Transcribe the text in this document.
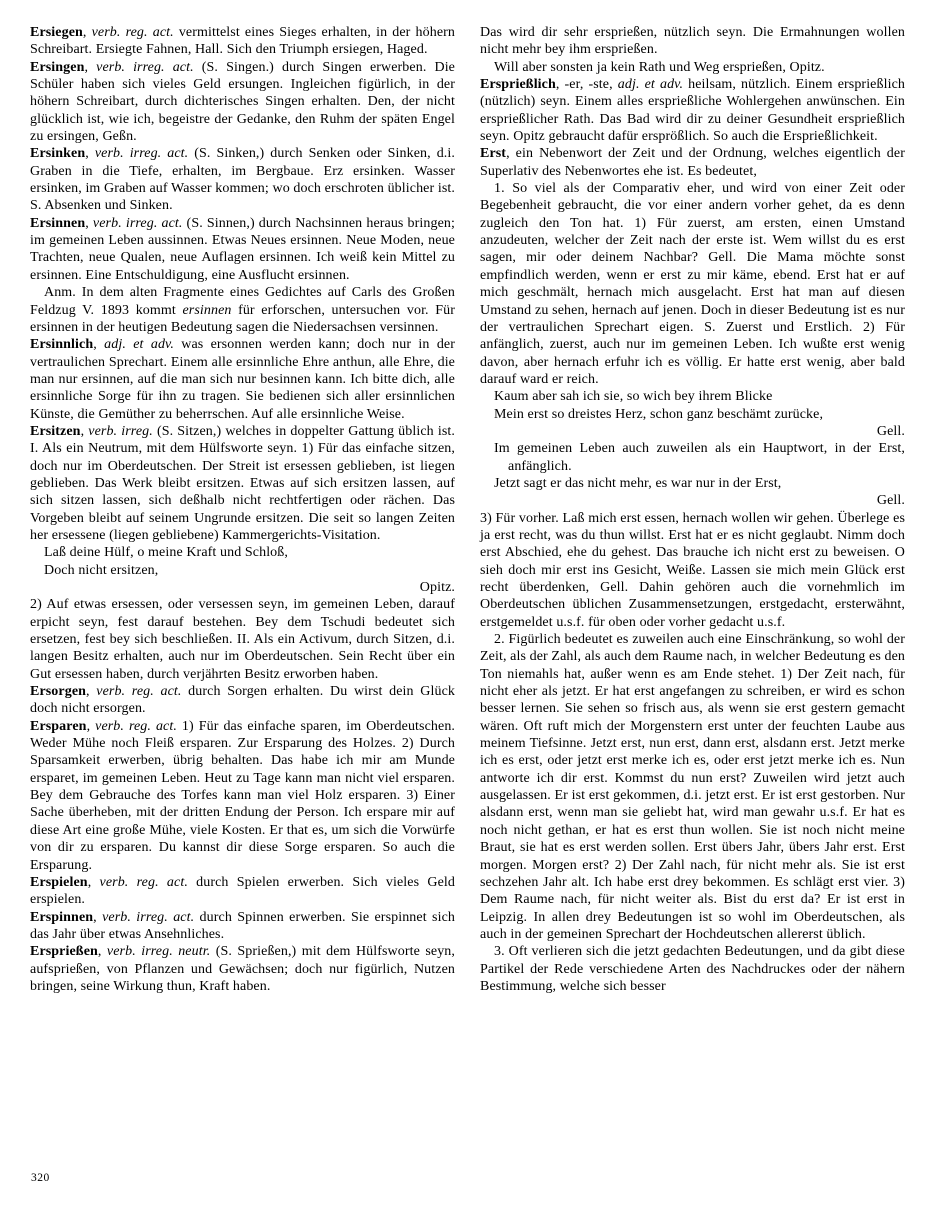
Ersiegen, verb. reg. act. vermittelst eines Sieges erhalten, in der höhern Schreibart. Ersiegte Fahnen, Hall. Sich den Triumph ersiegen, Haged.

Ersingen, verb. irreg. act. (S. Singen.) durch Singen erwerben. Die Schüler haben sich vieles Geld ersungen. Ingleichen figürlich, in der höhern Schreibart, durch dichterisches Singen erhalten. Den, der nicht glücklich ist, wie ich, begeistre der Gedanke, den Ruhm der späten Engel zu ersingen, Geßn.

Ersinken, verb. irreg. act. (S. Sinken,) durch Senken oder Sinken, d.i. Graben in die Tiefe, erhalten, im Bergbaue. Erz ersinken. Wasser ersinken, im Graben auf Wasser kommen; wo doch erschroten üblicher ist. S. Absenken und Sinken.

Ersinnen, verb. irreg. act. (S. Sinnen,) durch Nachsinnen heraus bringen; im gemeinen Leben aussinnen. Etwas Neues ersinnen. Neue Moden, neue Trachten, neue Qualen, neue Auflagen ersinnen. Ich weiß kein Mittel zu ersinnen. Eine Entschuldigung, eine Ausflucht ersinnen.

Anm. In dem alten Fragmente eines Gedichtes auf Carls des Großen Feldzug V. 1893 kommt ersinnen für erforschen, untersuchen vor. Für ersinnen in der heutigen Bedeutung sagen die Niedersachsen versinnen.

Ersinnlich, adj. et adv. was ersonnen werden kann; doch nur in der vertraulichen Sprechart. Einem alle ersinnliche Ehre anthun, alle Ehre, die man nur ersinnen, auf die man sich nur besinnen kann. Ich bitte dich, alle ersinnliche Sorge für ihn zu tragen. Sie bedienen sich aller ersinnlichen Künste, die Gemüther zu beherrschen. Auf alle ersinnliche Weise.

Ersitzen, verb. irreg. (S. Sitzen,) welches in doppelter Gattung üblich ist. I. Als ein Neutrum, mit dem Hülfsworte seyn. 1) Für das einfache sitzen, doch nur im Oberdeutschen. Der Streit ist ersessen geblieben, ist liegen geblieben. Das Werk bleibt ersitzen. Etwas auf sich ersitzen lassen, auf sich sitzen lassen, sich deßhalb nicht rechtfertigen oder rächen. Das Vorgeben bleibt auf seinem Ungrunde ersitzen. Die seit so langen Zeiten her ersessene (liegen gebliebene) Kammergerichts-Visitation.

Laß deine Hülf, o meine Kraft und Schloß,

Doch nicht ersitzen,

Opitz.

2) Auf etwas ersessen, oder versessen seyn, im gemeinen Leben, darauf erpicht seyn, fest darauf bestehen. Bey dem Tschudi bedeutet sich ersetzen, fest bey sich beschließen. II. Als ein Activum, durch Sitzen, d.i. langen Besitz erhalten, auch nur im Oberdeutschen. Sein Recht über ein Gut ersessen haben, durch verjährten Besitz erworben haben.

Ersorgen, verb. reg. act. durch Sorgen erhalten. Du wirst dein Glück doch nicht ersorgen.

Ersparen, verb. reg. act. 1) Für das einfache sparen, im Oberdeutschen. Weder Mühe noch Fleiß ersparen. Zur Ersparung des Holzes. 2) Durch Sparsamkeit erwerben, übrig behalten. Das habe ich mir am Munde ersparet, im gemeinen Leben. Heut zu Tage kann man nicht viel ersparen. Bey dem Gebrauche des Torfes kann man viel Holz ersparen. 3) Einer Sache überheben, mit der dritten Endung der Person. Ich erspare mir auf diese Art eine große Mühe, viele Kosten. Er that es, um sich die Vorwürfe von dir zu ersparen. Du kannst dir diese Sorge ersparen. So auch die Ersparung.

Erspielen, verb. reg. act. durch Spielen erwerben. Sich vieles Geld erspielen.

Erspinnen, verb. irreg. act. durch Spinnen erwerben. Sie erspinnet sich das Jahr über etwas Ansehnliches.

Ersprießen, verb. irreg. neutr. (S. Sprießen,) mit dem Hülfsworte seyn, aufsprießen, von Pflanzen und Gewächsen; doch nur figürlich, Nutzen bringen, seine Wirkung thun, Kraft haben.

Das wird dir sehr ersprießen, nützlich seyn. Die Ermahnungen wollen nicht mehr bey ihm ersprießen.

Will aber sonsten ja kein Rath und Weg ersprießen, Opitz.

Ersprießlich, -er, -ste, adj. et adv. heilsam, nützlich. Einem ersprießlich (nützlich) seyn. Einem alles ersprießliche Wohlergehen anwünschen. Ein ersprießlicher Rath. Das Bad wird dir zu deiner Gesundheit ersprießlich seyn. Opitz gebraucht dafür ersprößlich. So auch die Ersprießlichkeit.

Erst, ein Nebenwort der Zeit und der Ordnung, welches eigentlich der Superlativ des Nebenwortes ehe ist. Es bedeutet,

1. So viel als der Comparativ eher, und wird von einer Zeit oder Begebenheit gebraucht, die vor einer andern vorher gehet, da es denn zugleich den Ton hat. 1) Für zuerst, am ersten, einen Umstand anzudeuten, welcher der Zeit nach der erste ist. Wem willst du es erst sagen, mir oder deinem Nachbar? Gell. Die Mama möchte sonst empfindlich werden, wenn er erst zu mir käme, ebend. Erst hat er auf mich geschmält, hernach mich ausgelacht. Erst hat man auf diesen Umstand zu sehen, hernach auf jenen. Doch in dieser Bedeutung ist es nur der vertraulichen Sprechart eigen. S. Zuerst und Erstlich. 2) Für anfänglich, zuerst, auch nur im gemeinen Leben. Ich wußte erst wenig davon, aber hernach erfuhr ich es völlig. Er hatte erst wenig, aber bald darauf ward er reich.

Kaum aber sah ich sie, so wich bey ihrem Blicke

Mein erst so dreistes Herz, schon ganz beschämt zurücke,

Gell.

Im gemeinen Leben auch zuweilen als ein Hauptwort, in der Erst, anfänglich.

Jetzt sagt er das nicht mehr, es war nur in der Erst,

Gell.

3) Für vorher. Laß mich erst essen, hernach wollen wir gehen. Überlege es ja erst recht, was du thun willst. Erst hat er es nicht geglaubt. Nimm doch erst Abschied, ehe du gehest. Das brauche ich nicht erst zu beweisen. O sieh doch mir erst ins Gesicht, Weiße. Lassen sie mich mein Glück erst recht überdenken, Gell. Dahin gehören auch die vornehmlich im Oberdeutschen üblichen Zusammensetzungen, erstgedacht, ersterwähnt, erstgemeldet u.s.f. für oben oder vorher gedacht u.s.f.

2. Figürlich bedeutet es zuweilen auch eine Einschränkung, so wohl der Zeit, als der Zahl, als auch dem Raume nach, in welcher Bedeutung es den Ton niemahls hat, außer wenn es am Ende stehet. 1) Der Zeit nach, für nicht eher als jetzt. Er hat erst angefangen zu schreiben, er wird es schon besser lernen. Sie sehen so frisch aus, als wenn sie erst gestern gemacht wären. Oft ruft mich der Morgenstern erst unter der feuchten Laube aus meinem Tiefsinne. Jetzt erst, nun erst, dann erst, alsdann erst. Jetzt merke ich es erst, oder jetzt erst merke ich es, oder erst jetzt merke ich es. Nun antworte ich dir erst. Kommst du nun erst? Zuweilen wird jetzt auch ausgelassen. Er ist erst gekommen, d.i. jetzt erst. Er ist erst gestorben. Nur alsdann erst, wenn man sie geliebt hat, wird man gewahr u.s.f. Er hat es noch nicht gethan, er hat es erst thun wollen. Sie ist noch nicht meine Braut, sie hat es erst werden sollen. Erst übers Jahr, übers Jahr erst. Erst morgen. Morgen erst? 2) Der Zahl nach, für nicht mehr als. Sie ist erst sechzehen Jahr alt. Ich habe erst drey bekommen. Es schlägt erst vier. 3) Dem Raume nach, für nicht weiter als. Bist du erst da? Er ist erst in Leipzig. In allen drey Bedeutungen ist so wohl im Oberdeutschen, als auch in der gemeinen Sprechart der Hochdeutschen allererst üblich.

3. Oft verlieren sich die jetzt gedachten Bedeutungen, und da gibt diese Partikel der Rede verschiedene Arten des Nachdruckes oder der nähern Bestimmung, welche sich besser

320
